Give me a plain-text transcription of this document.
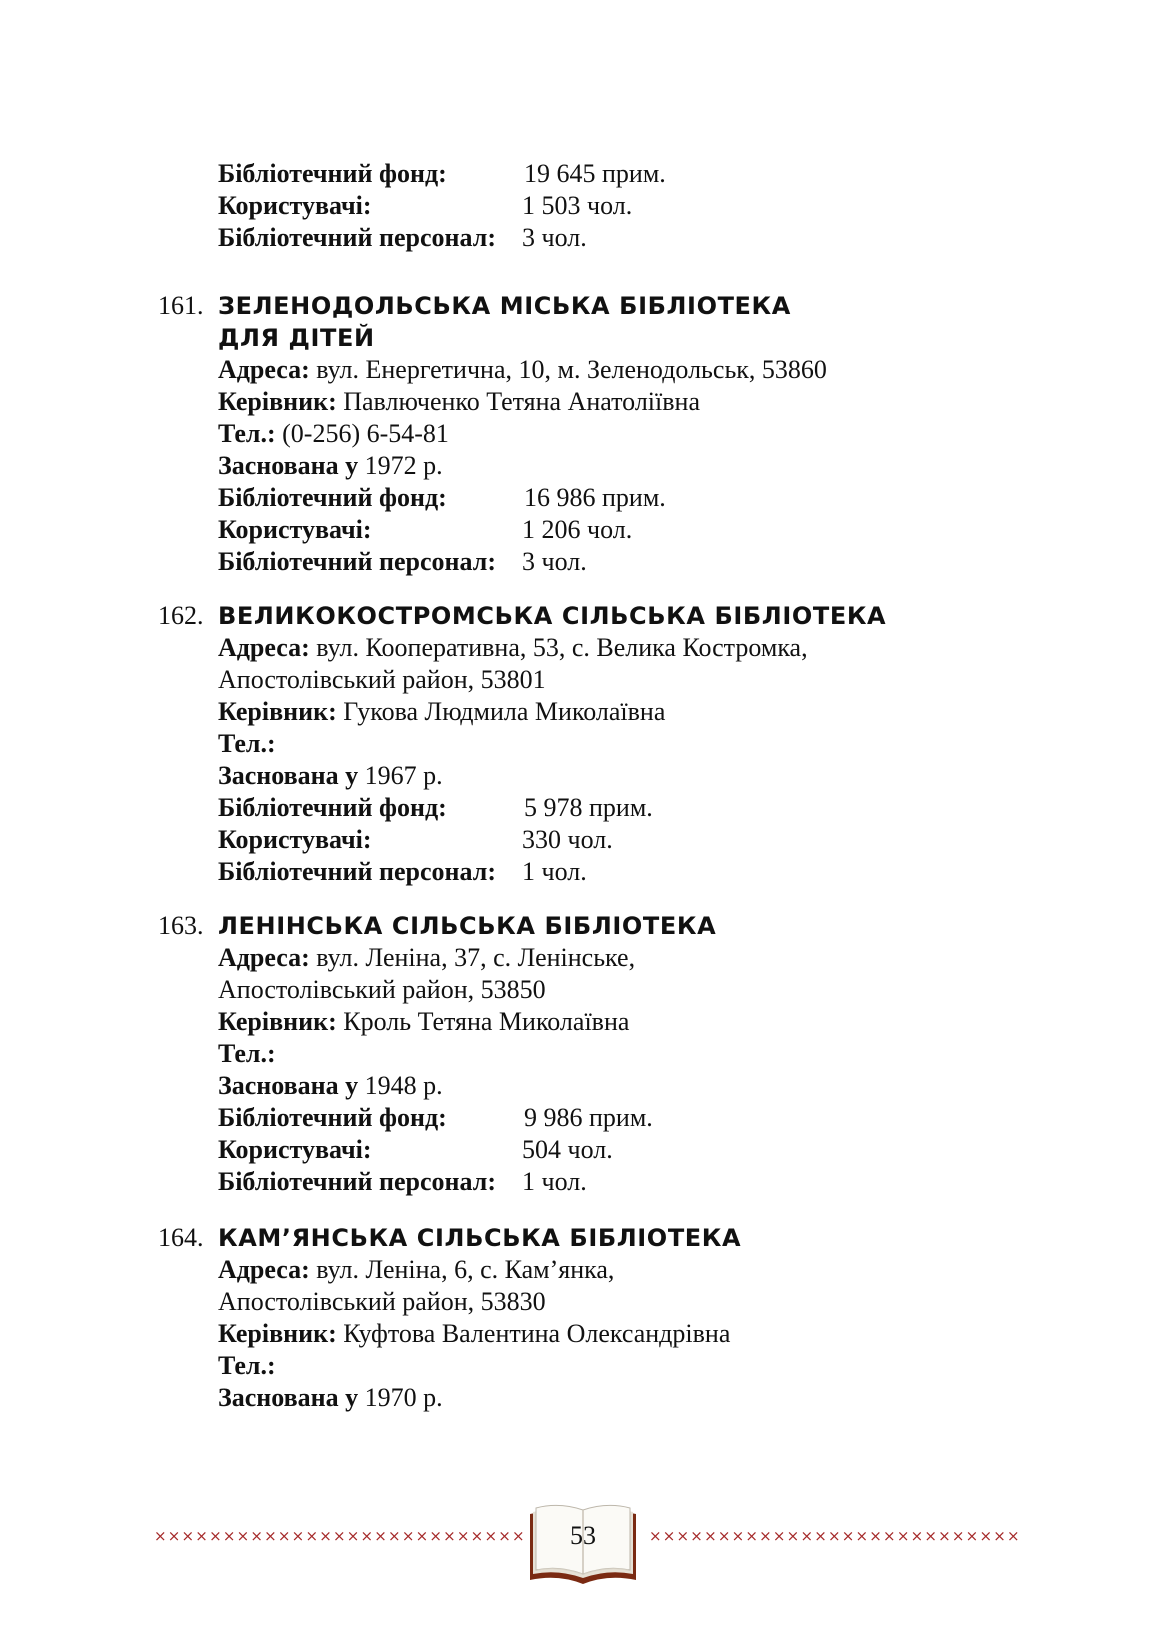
Бібліотечний фонд:	19 645 прим.
Користувачі:	1 503 чол.
Бібліотечний персонал: 3 чол.
161. ЗЕЛЕНОДОЛЬСЬКА МІСЬКА БІБЛІОТЕКА
ДЛЯ ДІТЕЙ
Адреса: вул. Енергетична, 10, м. Зеленодольськ, 53860
Керівник: Павлюченко Тетяна Анатоліївна
Тел.: (0-256) 6-54-81
Заснована у 1972 р.
Бібліотечний фонд:	16 986 прим.
Користувачі:	1 206 чол.
Бібліотечний персонал: 3 чол.
162. ВЕЛИКОКОСТРОМСЬКА СІЛЬСЬКА БІБЛІОТЕКА
Адреса: вул. Кооперативна, 53, с. Велика Костромка,
Апостолівський район, 53801
Керівник: Гукова Людмила Миколаївна
Тел.:
Заснована у 1967 р.
Бібліотечний фонд:	5 978 прим.
Користувачі:	330 чол.
Бібліотечний персонал: 1 чол.
163. ЛЕНІНСЬКА СІЛЬСЬКА БІБЛІОТЕКА
Адреса: вул. Леніна, 37, с. Ленінське,
Апостолівський район, 53850
Керівник: Кроль Тетяна Миколаївна
Тел.:
Заснована у 1948 р.
Бібліотечний фонд:	9 986 прим.
Користувачі:	504 чол.
Бібліотечний персонал: 1 чол.
164. КАМ’ЯНСЬКА СІЛЬСЬКА БІБЛІОТЕКА
Адреса: вул. Леніна, 6, с. Кам’янка,
Апостолівський район, 53830
Керівник: Куфтова Валентина Олександрівна
Тел.:
Заснована у 1970 р.
×××××××××××××××××××××××××××	53	×××××××××××××××××××××××××××
